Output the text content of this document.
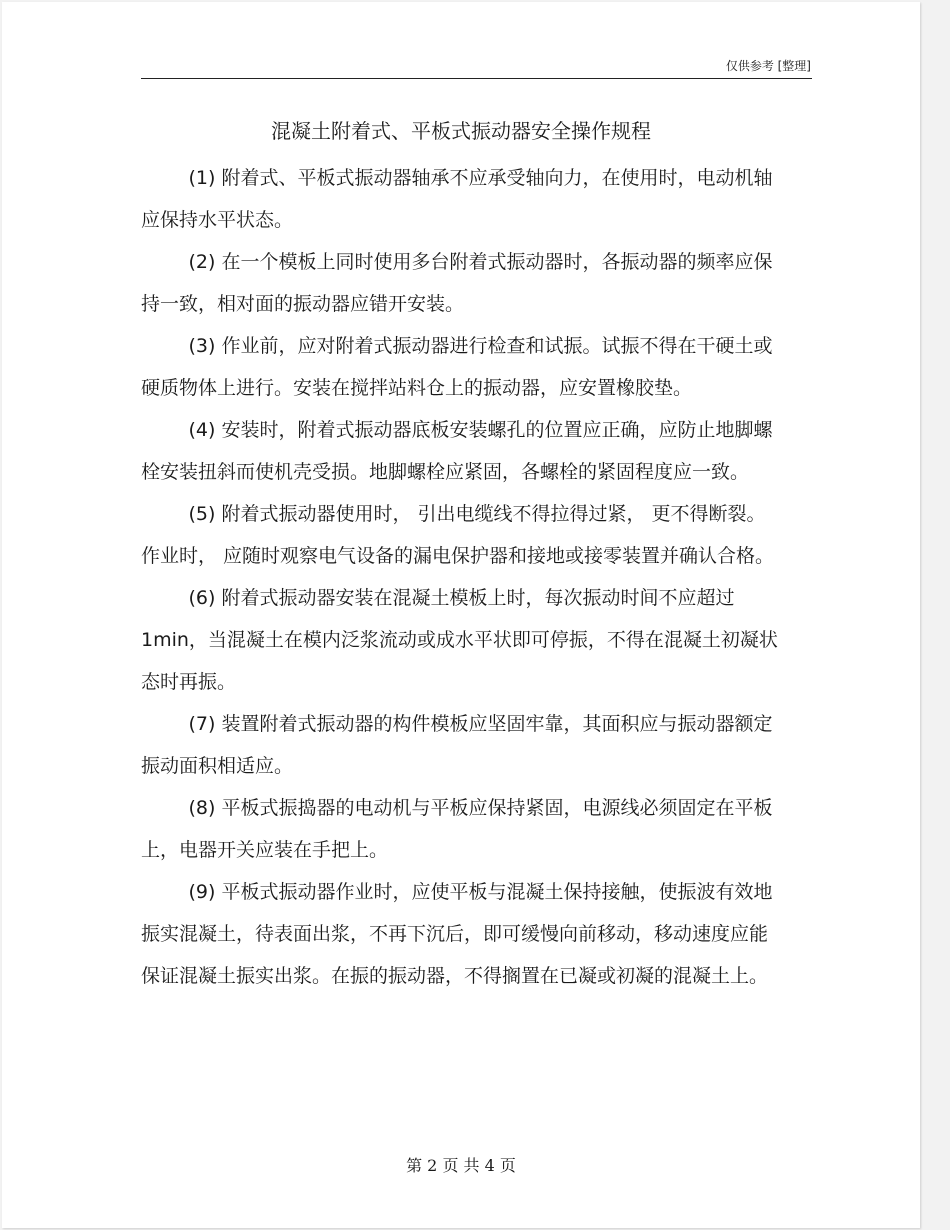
仅供参考 [整理]
混凝土附着式、平板式振动器安全操作规程

(1) 附着式、平板式振动器轴承不应承受轴向力，在使用时，电动机轴应保持水平状态。

(2) 在一个模板上同时使用多台附着式振动器时，各振动器的频率应保持一致，相对面的振动器应错开安装。

(3) 作业前，应对附着式振动器进行检查和试振。试振不得在干硬土或硬质物体上进行。安装在搅拌站料仓上的振动器，应安置橡胶垫。

(4) 安装时，附着式振动器底板安装螺孔的位置应正确，应防止地脚螺栓安装扭斜而使机壳受损。地脚螺栓应紧固，各螺栓的紧固程度应一致。

(5) 附着式振动器使用时， 引出电缆线不得拉得过紧， 更不得断裂。作业时， 应随时观察电气设备的漏电保护器和接地或接零装置并确认合格。

(6) 附着式振动器安装在混凝土模板上时，每次振动时间不应超过1min，当混凝土在模内泛浆流动或成水平状即可停振，不得在混凝土初凝状态时再振。

(7) 装置附着式振动器的构件模板应坚固牢靠，其面积应与振动器额定振动面积相适应。

(8) 平板式振捣器的电动机与平板应保持紧固，电源线必须固定在平板上，电器开关应装在手把上。

(9) 平板式振动器作业时，应使平板与混凝土保持接触，使振波有效地振实混凝土，待表面出浆，不再下沉后，即可缓慢向前移动，移动速度应能保证混凝土振实出浆。在振的振动器，不得搁置在已凝或初凝的混凝土上。

第 2 页 共 4 页
